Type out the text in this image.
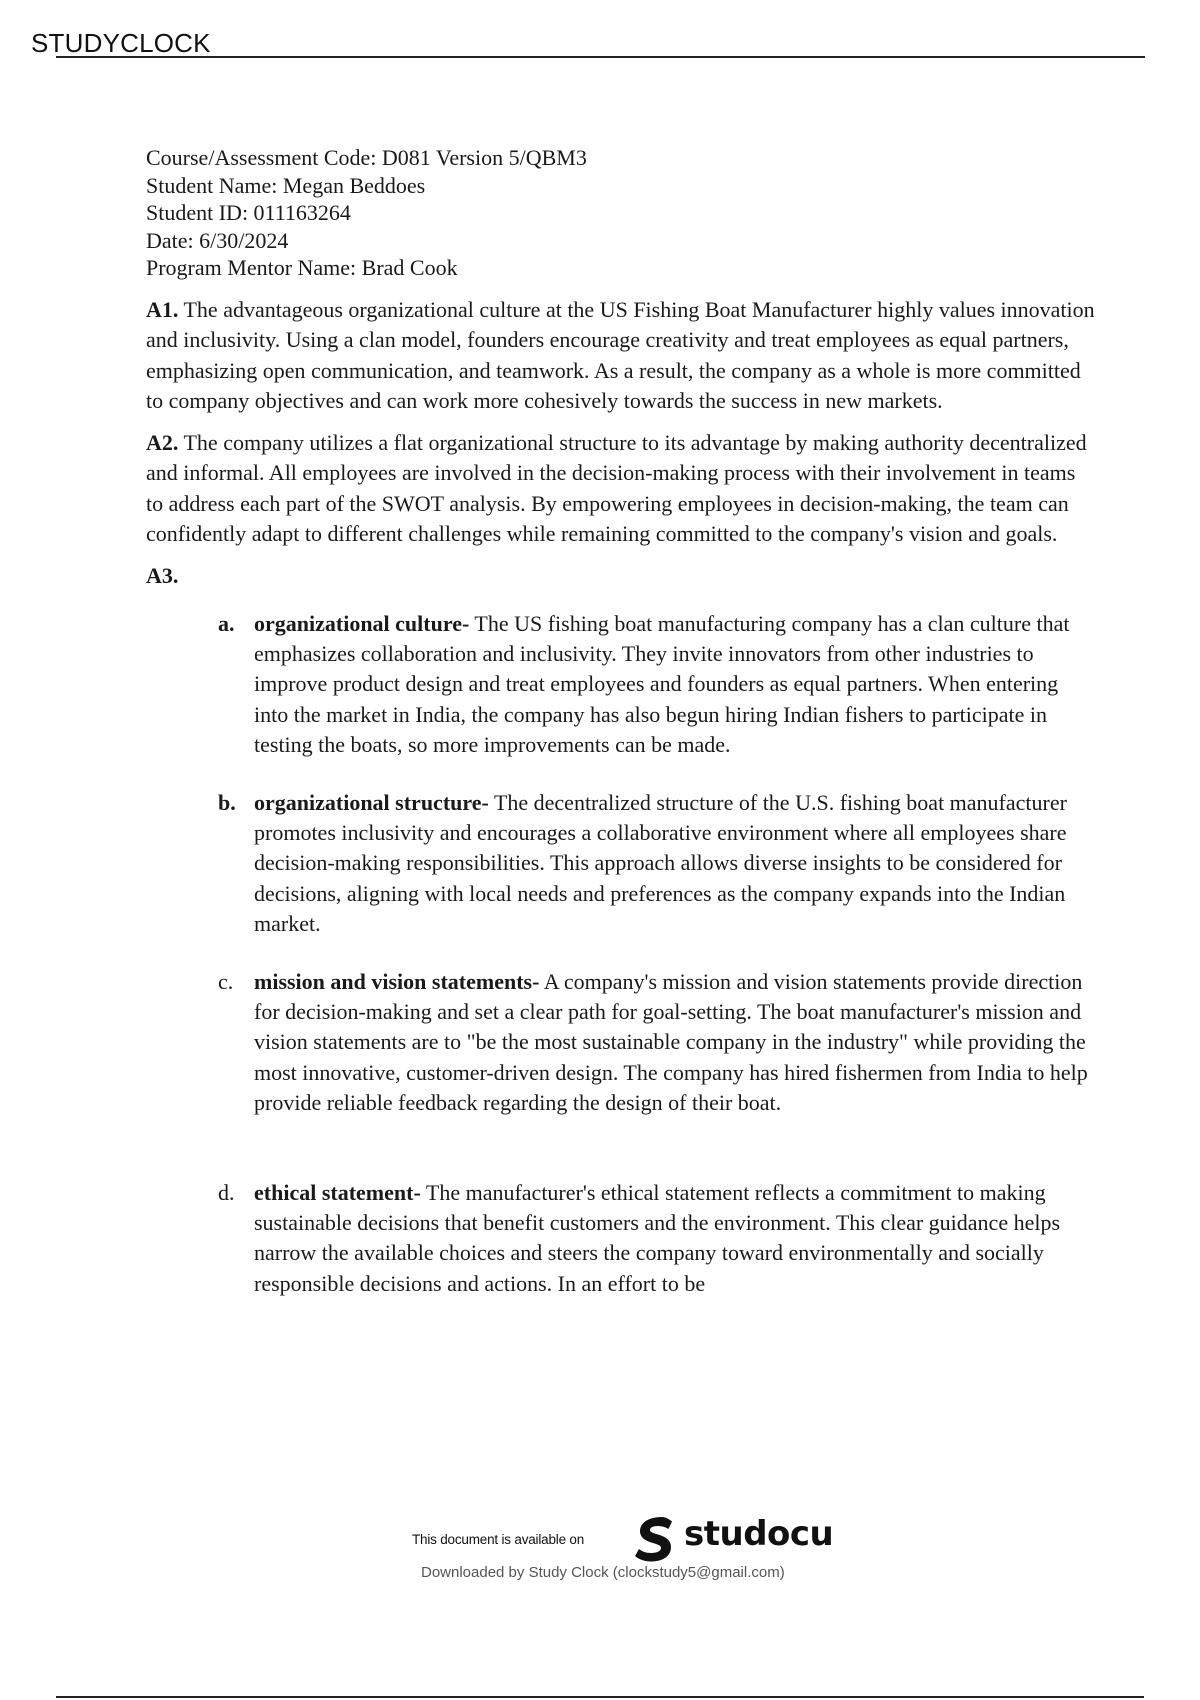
STUDYCLOCK

Course/Assessment Code: D081 Version 5/QBM3

Student Name: Megan Beddoes

Student ID: 011163264

Date: 6/30/2024

Program Mentor Name: Brad Cook

A1. The advantageous organizational culture at the US Fishing Boat Manufacturer highly values innovation and inclusivity. Using a clan model, founders encourage creativity and treat employees as equal partners, emphasizing open communication, and teamwork. As a result, the company as a whole is more committed to company objectives and can work more cohesively towards the success in new markets.

A2. The company utilizes a flat organizational structure to its advantage by making authority decentralized and informal. All employees are involved in the decision-making process with their involvement in teams to address each part of the SWOT analysis. By empowering employees in decision-making, the team can confidently adapt to different challenges while remaining committed to the company's vision and goals.

A3.

a. organizational culture- The US fishing boat manufacturing company has a clan culture that emphasizes collaboration and inclusivity. They invite innovators from other industries to improve product design and treat employees and founders as equal partners. When entering into the market in India, the company has also begun hiring Indian fishers to participate in testing the boats, so more improvements can be made.
b. organizational structure- The decentralized structure of the U.S. fishing boat manufacturer promotes inclusivity and encourages a collaborative environment where all employees share decision-making responsibilities. This approach allows diverse insights to be considered for decisions, aligning with local needs and preferences as the company expands into the Indian market.
c. mission and vision statements- A company's mission and vision statements provide direction for decision-making and set a clear path for goal-setting. The boat manufacturer's mission and vision statements are to "be the most sustainable company in the industry" while providing the most innovative, customer-driven design. The company has hired fishermen from India to help provide reliable feedback regarding the design of their boat.
d. ethical statement- The manufacturer's ethical statement reflects a commitment to making sustainable decisions that benefit customers and the environment. This clear guidance helps narrow the available choices and steers the company toward environmentally and socially responsible decisions and actions. In an effort to be
This document is available on	studocu
Downloaded by Study Clock (clockstudy5@gmail.com)
